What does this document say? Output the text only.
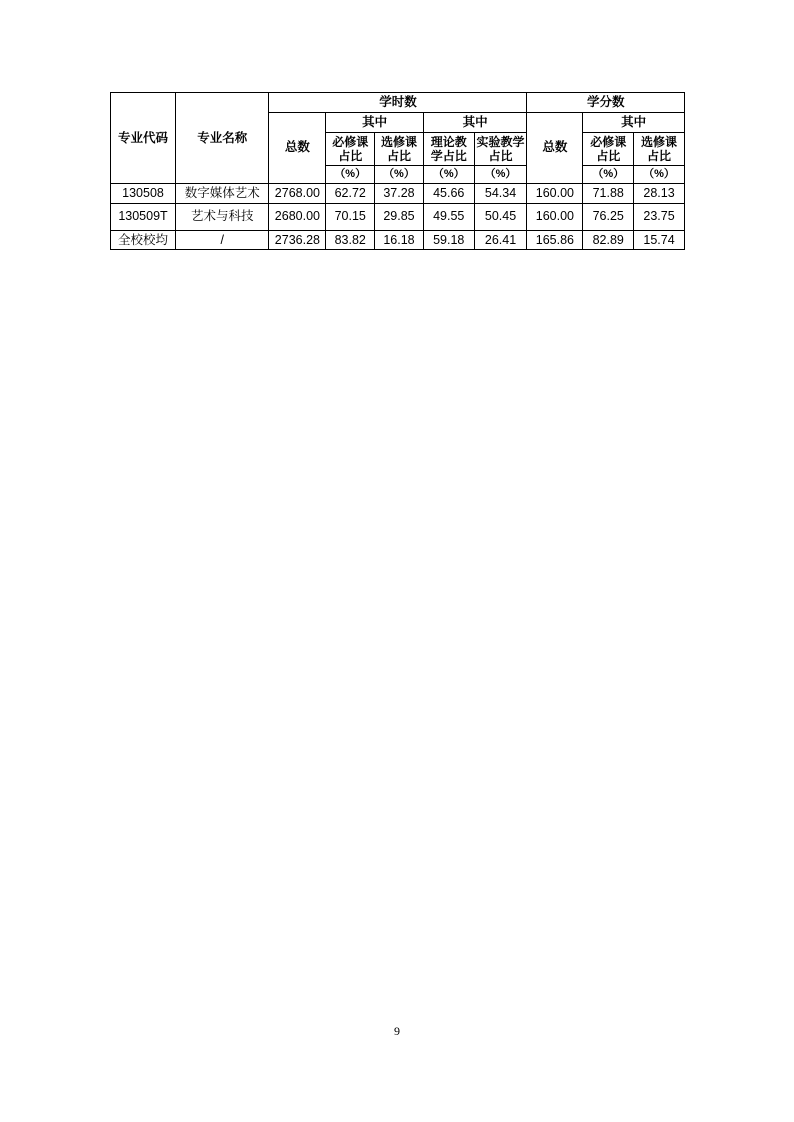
专业代码	专业名称	学时数					学分数		
		总数	其中		其中		总数	其中	
			必修课占比	选修课占比	理论教学占比	实验教学占比		必修课占比	选修课占比
			（%）	（%）	（%）	（%）		（%）	（%）
130508	数字媒体艺术	2768.00	62.72	37.28	45.66	54.34	160.00	71.88	28.13
130509T	艺术与科技	2680.00	70.15	29.85	49.55	50.45	160.00	76.25	23.75
全校校均	/	2736.28	83.82	16.18	59.18	26.41	165.86	82.89	15.74
9
